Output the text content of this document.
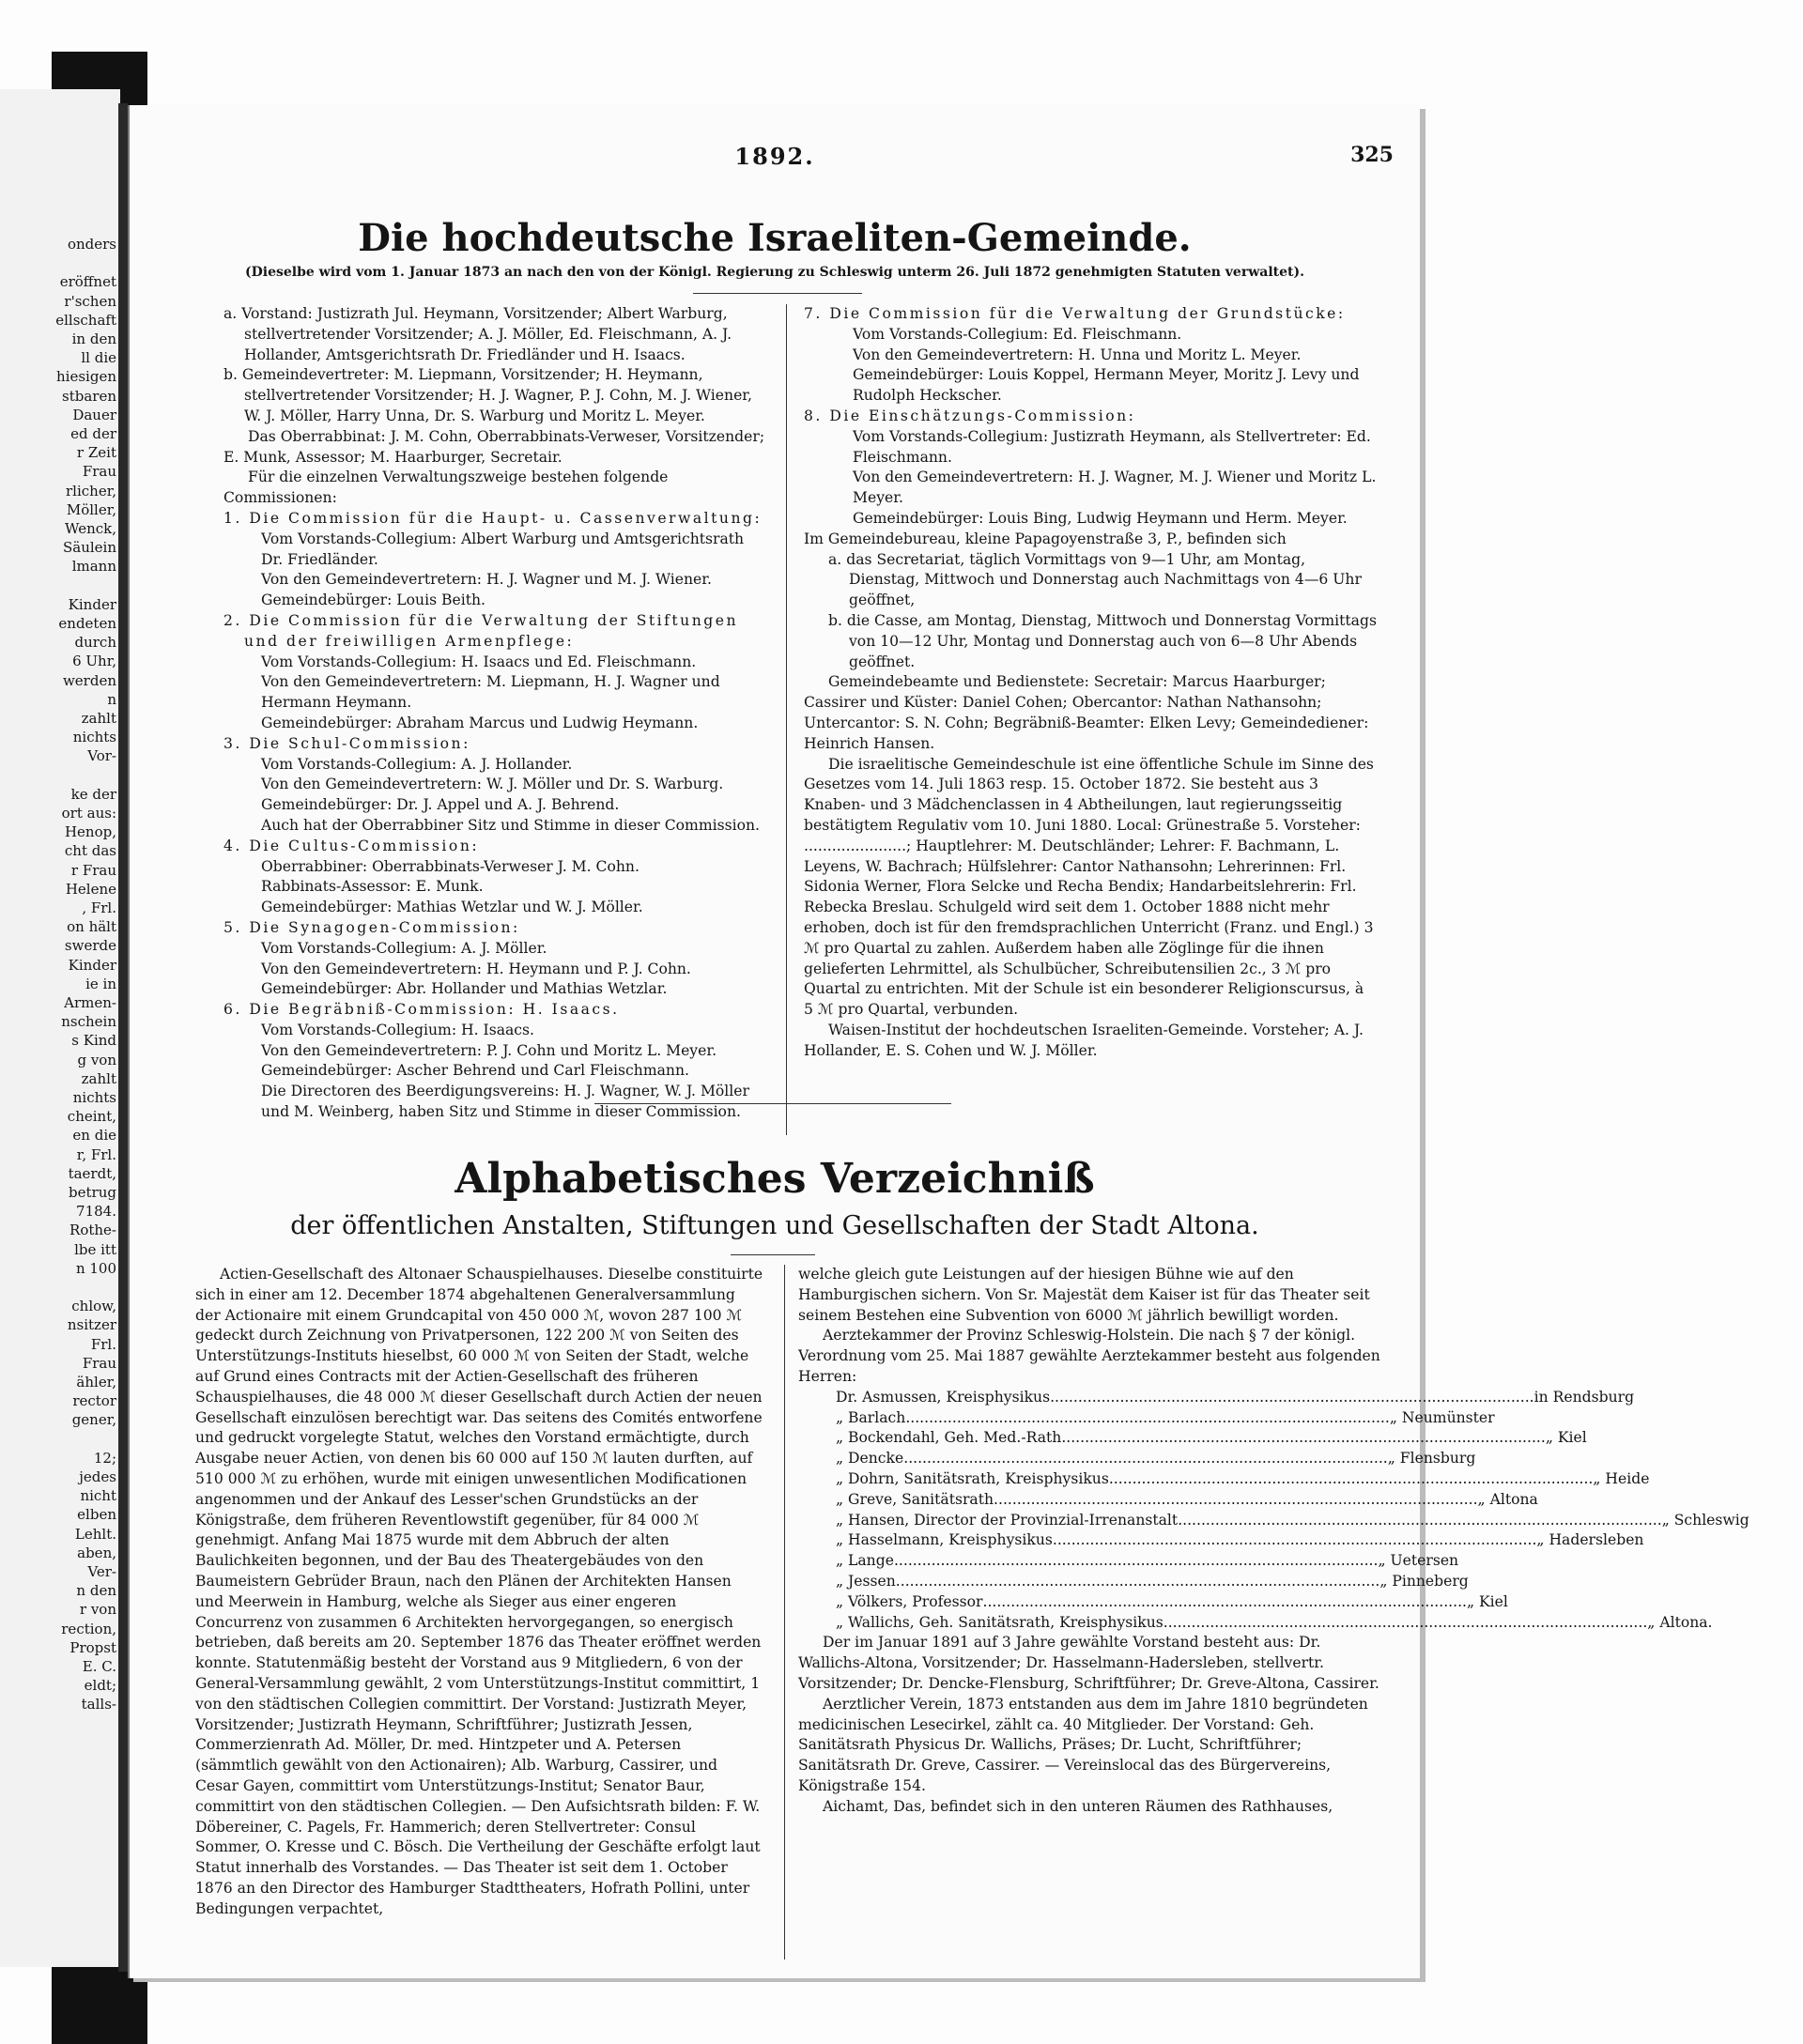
onders
eröffnet
r'schen
ellschaft
in den
ll die
hiesigen
stbaren
Dauer
ed der
r Zeit
Frau
rlicher,
Möller,
Wenck,
Säulein
lmann
Kinder
endeten
durch
6 Uhr,
werden
n
zahlt
nichts
Vor-
ke der
ort aus:
Henop,
cht das
r Frau
Helene
, Frl.
on hält
swerde
Kinder
ie in
Armen-
nschein
s Kind
g von
zahlt
nichts
cheint,
en die
r, Frl.
taerdt,
betrug
7184.
Rothe-
lbe itt
n 100
chlow,
nsitzer
Frl.
Frau
ähler,
rector
gener,
12;
jedes
nicht
elben
Lehlt.
aben,
Ver-
n den
r von
rection,
Propst
E. C.
eldt;
talls-
1892.	325
Die hochdeutsche Israeliten-Gemeinde.
(Dieselbe wird vom 1. Januar 1873 an nach den von der Königl. Regierung zu Schleswig unterm 26. Juli 1872 genehmigten Statuten verwaltet).

a. Vorstand: Justizrath Jul. Heymann, Vorsitzender; Albert Warburg, stellvertretender Vorsitzender; A. J. Möller, Ed. Fleischmann, A. J. Hollander, Amtsgerichtsrath Dr. Friedländer und H. Isaacs.

b. Gemeindevertreter: M. Liepmann, Vorsitzender; H. Heymann, stellvertretender Vorsitzender; H. J. Wagner, P. J. Cohn, M. J. Wiener, W. J. Möller, Harry Unna, Dr. S. Warburg und Moritz L. Meyer.

Das Oberrabbinat: J. M. Cohn, Oberrabbinats-Verweser, Vorsitzender; E. Munk, Assessor; M. Haarburger, Secretair.

Für die einzelnen Verwaltungszweige bestehen folgende Commissionen:

1. Die Commission für die Haupt- u. Cassenverwaltung:

Vom Vorstands-Collegium: Albert Warburg und Amtsgerichtsrath Dr. Friedländer.

Von den Gemeindevertretern: H. J. Wagner und M. J. Wiener.

Gemeindebürger: Louis Beith.

2. Die Commission für die Verwaltung der Stiftungen und der freiwilligen Armenpflege:

Vom Vorstands-Collegium: H. Isaacs und Ed. Fleischmann.

Von den Gemeindevertretern: M. Liepmann, H. J. Wagner und Hermann Heymann.

Gemeindebürger: Abraham Marcus und Ludwig Heymann.

3. Die Schul-Commission:

Vom Vorstands-Collegium: A. J. Hollander.

Von den Gemeindevertretern: W. J. Möller und Dr. S. Warburg.

Gemeindebürger: Dr. J. Appel und A. J. Behrend.

Auch hat der Oberrabbiner Sitz und Stimme in dieser Commission.

4. Die Cultus-Commission:

Oberrabbiner: Oberrabbinats-Verweser J. M. Cohn.

Rabbinats-Assessor: E. Munk.

Gemeindebürger: Mathias Wetzlar und W. J. Möller.

5. Die Synagogen-Commission:

Vom Vorstands-Collegium: A. J. Möller.

Von den Gemeindevertretern: H. Heymann und P. J. Cohn.

Gemeindebürger: Abr. Hollander und Mathias Wetzlar.

6. Die Begräbniß-Commission: H. Isaacs.

Vom Vorstands-Collegium: H. Isaacs.

Von den Gemeindevertretern: P. J. Cohn und Moritz L. Meyer.

Gemeindebürger: Ascher Behrend und Carl Fleischmann.

Die Directoren des Beerdigungsvereins: H. J. Wagner, W. J. Möller und M. Weinberg, haben Sitz und Stimme in dieser Commission.

7. Die Commission für die Verwaltung der Grundstücke:

Vom Vorstands-Collegium: Ed. Fleischmann.

Von den Gemeindevertretern: H. Unna und Moritz L. Meyer.

Gemeindebürger: Louis Koppel, Hermann Meyer, Moritz J. Levy und Rudolph Heckscher.

8. Die Einschätzungs-Commission:

Vom Vorstands-Collegium: Justizrath Heymann, als Stellvertreter: Ed. Fleischmann.

Von den Gemeindevertretern: H. J. Wagner, M. J. Wiener und Moritz L. Meyer.

Gemeindebürger: Louis Bing, Ludwig Heymann und Herm. Meyer.

Im Gemeindebureau, kleine Papagoyenstraße 3, P., befinden sich

a. das Secretariat, täglich Vormittags von 9—1 Uhr, am Montag, Dienstag, Mittwoch und Donnerstag auch Nachmittags von 4—6 Uhr geöffnet,

b. die Casse, am Montag, Dienstag, Mittwoch und Donnerstag Vormittags von 10—12 Uhr, Montag und Donnerstag auch von 6—8 Uhr Abends geöffnet.

Gemeindebeamte und Bedienstete: Secretair: Marcus Haarburger; Cassirer und Küster: Daniel Cohen; Obercantor: Nathan Nathansohn; Untercantor: S. N. Cohn; Begräbniß-Beamter: Elken Levy; Gemeindediener: Heinrich Hansen.

Die israelitische Gemeindeschule ist eine öffentliche Schule im Sinne des Gesetzes vom 14. Juli 1863 resp. 15. October 1872. Sie besteht aus 3 Knaben- und 3 Mädchenclassen in 4 Abtheilungen, laut regierungsseitig bestätigtem Regulativ vom 10. Juni 1880. Local: Grünestraße 5. Vorsteher: ......................; Hauptlehrer: M. Deutschländer; Lehrer: F. Bachmann, L. Leyens, W. Bachrach; Hülfslehrer: Cantor Nathansohn; Lehrerinnen: Frl. Sidonia Werner, Flora Selcke und Recha Bendix; Handarbeitslehrerin: Frl. Rebecka Breslau. Schulgeld wird seit dem 1. October 1888 nicht mehr erhoben, doch ist für den fremdsprachlichen Unterricht (Franz. und Engl.) 3 ℳ pro Quartal zu zahlen. Außerdem haben alle Zöglinge für die ihnen gelieferten Lehrmittel, als Schulbücher, Schreibutensilien 2c., 3 ℳ pro Quartal zu entrichten. Mit der Schule ist ein besonderer Religionscursus, à 5 ℳ pro Quartal, verbunden.

Waisen-Institut der hochdeutschen Israeliten-Gemeinde. Vorsteher; A. J. Hollander, E. S. Cohen und W. J. Möller.

Alphabetisches Verzeichniß
der öffentlichen Anstalten, Stiftungen und Gesellschaften der Stadt Altona.

Actien-Gesellschaft des Altonaer Schauspielhauses. Dieselbe constituirte sich in einer am 12. December 1874 abgehaltenen Generalversammlung der Actionaire mit einem Grundcapital von 450 000 ℳ, wovon 287 100 ℳ gedeckt durch Zeichnung von Privatpersonen, 122 200 ℳ von Seiten des Unterstützungs-Instituts hieselbst, 60 000 ℳ von Seiten der Stadt, welche auf Grund eines Contracts mit der Actien-Gesellschaft des früheren Schauspielhauses, die 48 000 ℳ dieser Gesellschaft durch Actien der neuen Gesellschaft einzulösen berechtigt war. Das seitens des Comités entworfene und gedruckt vorgelegte Statut, welches den Vorstand ermächtigte, durch Ausgabe neuer Actien, von denen bis 60 000 auf 150 ℳ lauten durften, auf 510 000 ℳ zu erhöhen, wurde mit einigen unwesentlichen Modificationen angenommen und der Ankauf des Lesser'schen Grundstücks an der Königstraße, dem früheren Reventlowstift gegenüber, für 84 000 ℳ genehmigt. Anfang Mai 1875 wurde mit dem Abbruch der alten Baulichkeiten begonnen, und der Bau des Theatergebäudes von den Baumeistern Gebrüder Braun, nach den Plänen der Architekten Hansen und Meerwein in Hamburg, welche als Sieger aus einer engeren Concurrenz von zusammen 6 Architekten hervorgegangen, so energisch betrieben, daß bereits am 20. September 1876 das Theater eröffnet werden konnte. Statutenmäßig besteht der Vorstand aus 9 Mitgliedern, 6 von der General-Versammlung gewählt, 2 vom Unterstützungs-Institut committirt, 1 von den städtischen Collegien committirt. Der Vorstand: Justizrath Meyer, Vorsitzender; Justizrath Heymann, Schriftführer; Justizrath Jessen, Commerzienrath Ad. Möller, Dr. med. Hintzpeter und A. Petersen (sämmtlich gewählt von den Actionairen); Alb. Warburg, Cassirer, und Cesar Gayen, committirt vom Unterstützungs-Institut; Senator Baur, committirt von den städtischen Collegien. — Den Aufsichtsrath bilden: F. W. Döbereiner, C. Pagels, Fr. Hammerich; deren Stellvertreter: Consul Sommer, O. Kresse und C. Bösch. Die Vertheilung der Geschäfte erfolgt laut Statut innerhalb des Vorstandes. — Das Theater ist seit dem 1. October 1876 an den Director des Hamburger Stadttheaters, Hofrath Pollini, unter Bedingungen verpachtet,

welche gleich gute Leistungen auf der hiesigen Bühne wie auf den Hamburgischen sichern. Von Sr. Majestät dem Kaiser ist für das Theater seit seinem Bestehen eine Subvention von 6000 ℳ jährlich bewilligt worden.

Aerztekammer der Provinz Schleswig-Holstein. Die nach § 7 der königl. Verordnung vom 25. Mai 1887 gewählte Aerztekammer besteht aus folgenden Herren:

Dr. Asmussen, Kreisphysikus ........................................................................................................ in Rendsburg
„ Barlach ........................................................................................................ „ Neumünster
„ Bockendahl, Geh. Med.-Rath ........................................................................................................ „ Kiel
„ Dencke ........................................................................................................ „ Flensburg
„ Dohrn, Sanitätsrath, Kreisphysikus ........................................................................................................ „ Heide
„ Greve, Sanitätsrath ........................................................................................................ „ Altona
„ Hansen, Director der Provinzial-Irrenanstalt ........................................................................................................ „ Schleswig
„ Hasselmann, Kreisphysikus ........................................................................................................ „ Hadersleben
„ Lange ........................................................................................................ „ Uetersen
„ Jessen ........................................................................................................ „ Pinneberg
„ Völkers, Professor ........................................................................................................ „ Kiel
„ Wallichs, Geh. Sanitätsrath, Kreisphysikus ........................................................................................................ „ Altona.

Der im Januar 1891 auf 3 Jahre gewählte Vorstand besteht aus: Dr. Wallichs-Altona, Vorsitzender; Dr. Hasselmann-Hadersleben, stellvertr. Vorsitzender; Dr. Dencke-Flensburg, Schriftführer; Dr. Greve-Altona, Cassirer.

Aerztlicher Verein, 1873 entstanden aus dem im Jahre 1810 begründeten medicinischen Lesecirkel, zählt ca. 40 Mitglieder. Der Vorstand: Geh. Sanitätsrath Physicus Dr. Wallichs, Präses; Dr. Lucht, Schriftführer; Sanitätsrath Dr. Greve, Cassirer. — Vereinslocal das des Bürgervereins, Königstraße 154.

Aichamt, Das, befindet sich in den unteren Räumen des Rathhauses,
